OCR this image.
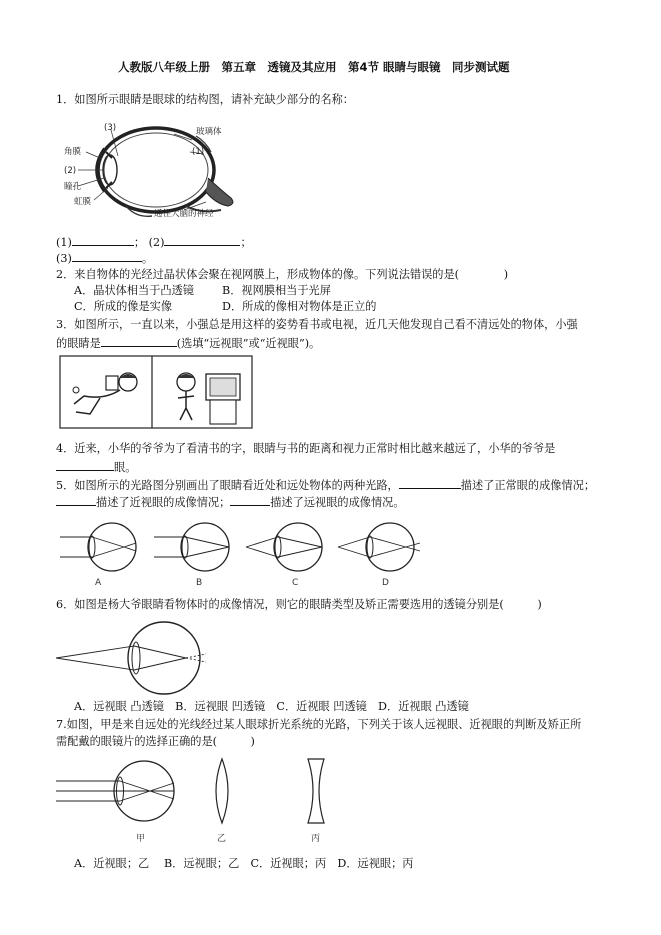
人教版八年级上册　第五章　透镜及其应用　第4节 眼睛与眼镜　同步测试题
1．如图所示眼睛是眼球的结构图，请补充缺少部分的名称：
(3)	玻璃体
(1)
角膜
(2)
瞳孔
虹膜
通往大脑的神经
(1)	； (2)	；
(3)	。
2．来自物体的光经过晶状体会聚在视网膜上，形成物体的像。下列说法错误的是(　　　　)
A．晶状体相当于凸透镜	B．视网膜相当于光屏
C．所成的像是实像	D．所成的像相对物体是正立的
3．如图所示，一直以来，小强总是用这样的姿势看书或电视，近几天他发现自己看不清远处的物体，小强
的眼睛是	(选填“远视眼”或“近视眼”)。
4．近来，小华的爷爷为了看清书的字，眼睛与书的距离和视力正常时相比越来越远了，小华的爷爷是
眼。
5．如图所示的光路图分别画出了眼睛看近处和远处物体的两种光路，	描述了正常眼的成像情况；
描述了近视眼的成像情况；	描述了远视眼的成像情况。
A	B	C	D
6．如图是杨大爷眼睛看物体时的成像情况，则它的眼睛类型及矫正需要选用的透镜分别是(　　　)
A．远视眼 凸透镜　B．远视眼 凹透镜　C．近视眼 凹透镜　D．近视眼 凸透镜
7.如图，甲是来自远处的光线经过某人眼球折光系统的光路，下列关于该人远视眼、近视眼的判断及矫正所
需配戴的眼镜片的选择正确的是(　　　)
甲	乙	丙
A．近视眼；乙　 B．远视眼；乙　C．近视眼；丙　D．远视眼；丙
